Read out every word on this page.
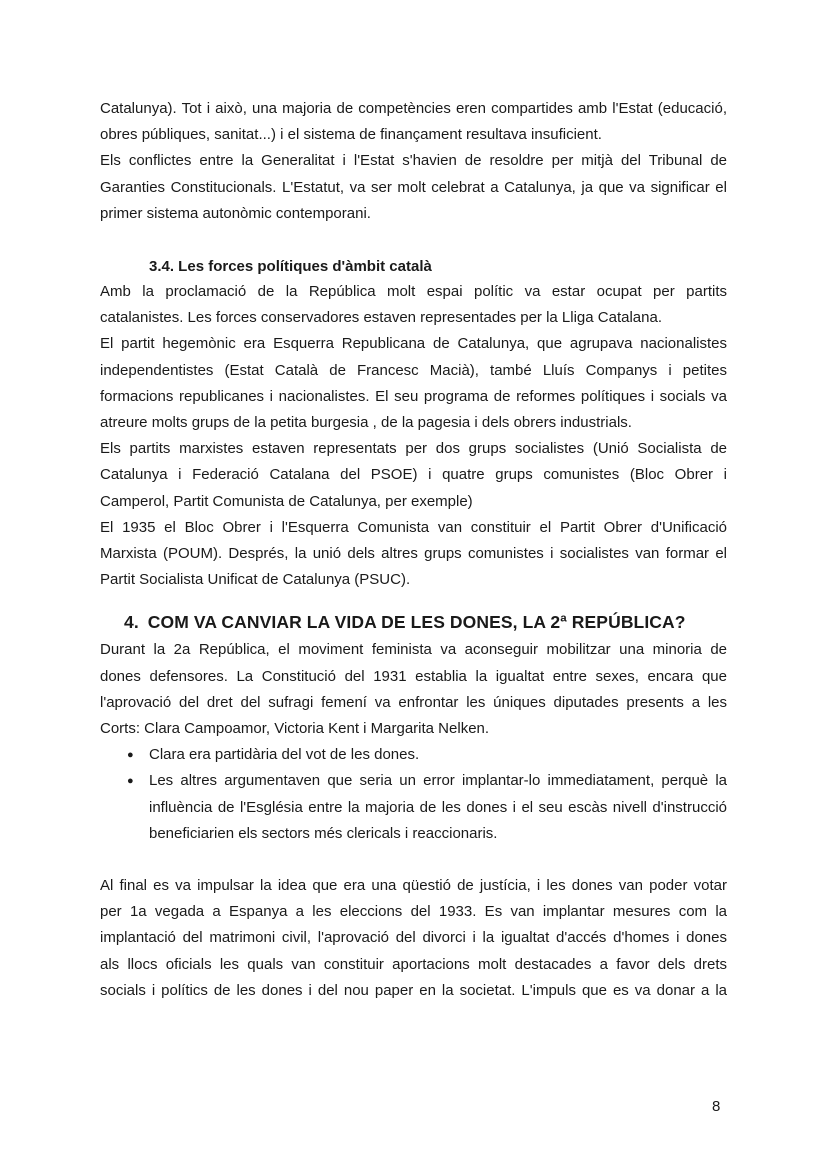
Catalunya). Tot i això, una majoria de competències eren compartides amb l'Estat (educació,

obres públiques, sanitat...) i el sistema de finançament resultava insuficient.

Els conflictes entre la Generalitat i l'Estat s'havien de resoldre per mitjà del Tribunal de

Garanties Constitucionals. L'Estatut, va ser molt celebrat a Catalunya, ja que va significar el

primer sistema autonòmic contemporani.

3.4. Les forces polítiques d'àmbit català

Amb la proclamació de la República molt espai polític va estar ocupat per partits

catalanistes. Les forces conservadores estaven representades per la Lliga Catalana.

El partit hegemònic era Esquerra Republicana de Catalunya, que agrupava nacionalistes

independentistes (Estat Català de Francesc Macià), també Lluís Companys i petites

formacions republicanes i nacionalistes. El seu programa de reformes polítiques i socials va

atreure molts grups de la petita burgesia , de la pagesia i dels obrers industrials.

Els partits marxistes estaven representats per dos grups socialistes (Unió Socialista de

Catalunya i Federació Catalana del PSOE) i quatre grups comunistes (Bloc Obrer i

Camperol, Partit Comunista de Catalunya, per exemple)

El 1935 el Bloc Obrer i l'Esquerra Comunista van constituir el Partit Obrer d'Unificació

Marxista (POUM). Després, la unió dels altres grups comunistes i socialistes van formar el

Partit Socialista Unificat de Catalunya (PSUC).

4. COM VA CANVIAR LA VIDA DE LES DONES, LA 2ª REPÚBLICA?

Durant la 2a República, el moviment feminista va aconseguir mobilitzar una minoria de

dones defensores. La Constitució del 1931 establia la igualtat entre sexes, encara que

l'aprovació del dret del sufragi femení va enfrontar les úniques diputades presents a les

Corts: Clara Campoamor, Victoria Kent i Margarita Nelken.

● Clara era partidària del vot de les dones.
● Les altres argumentaven que seria un error implantar-lo immediatament, perquè la
influència de l'Església entre la majoria de les dones i el seu escàs nivell d'instrucció
beneficiarien els sectors més clericals i reaccionaris.

Al final es va impulsar la idea que era una qüestió de justícia, i les dones van poder votar

per 1a vegada a Espanya a les eleccions del 1933. Es van implantar mesures com la

implantació del matrimoni civil, l'aprovació del divorci i la igualtat d'accés d'homes i dones

als llocs oficials les quals van constituir aportacions molt destacades a favor dels drets

socials i polítics de les dones i del nou paper en la societat. L'impuls que es va donar a la

8
